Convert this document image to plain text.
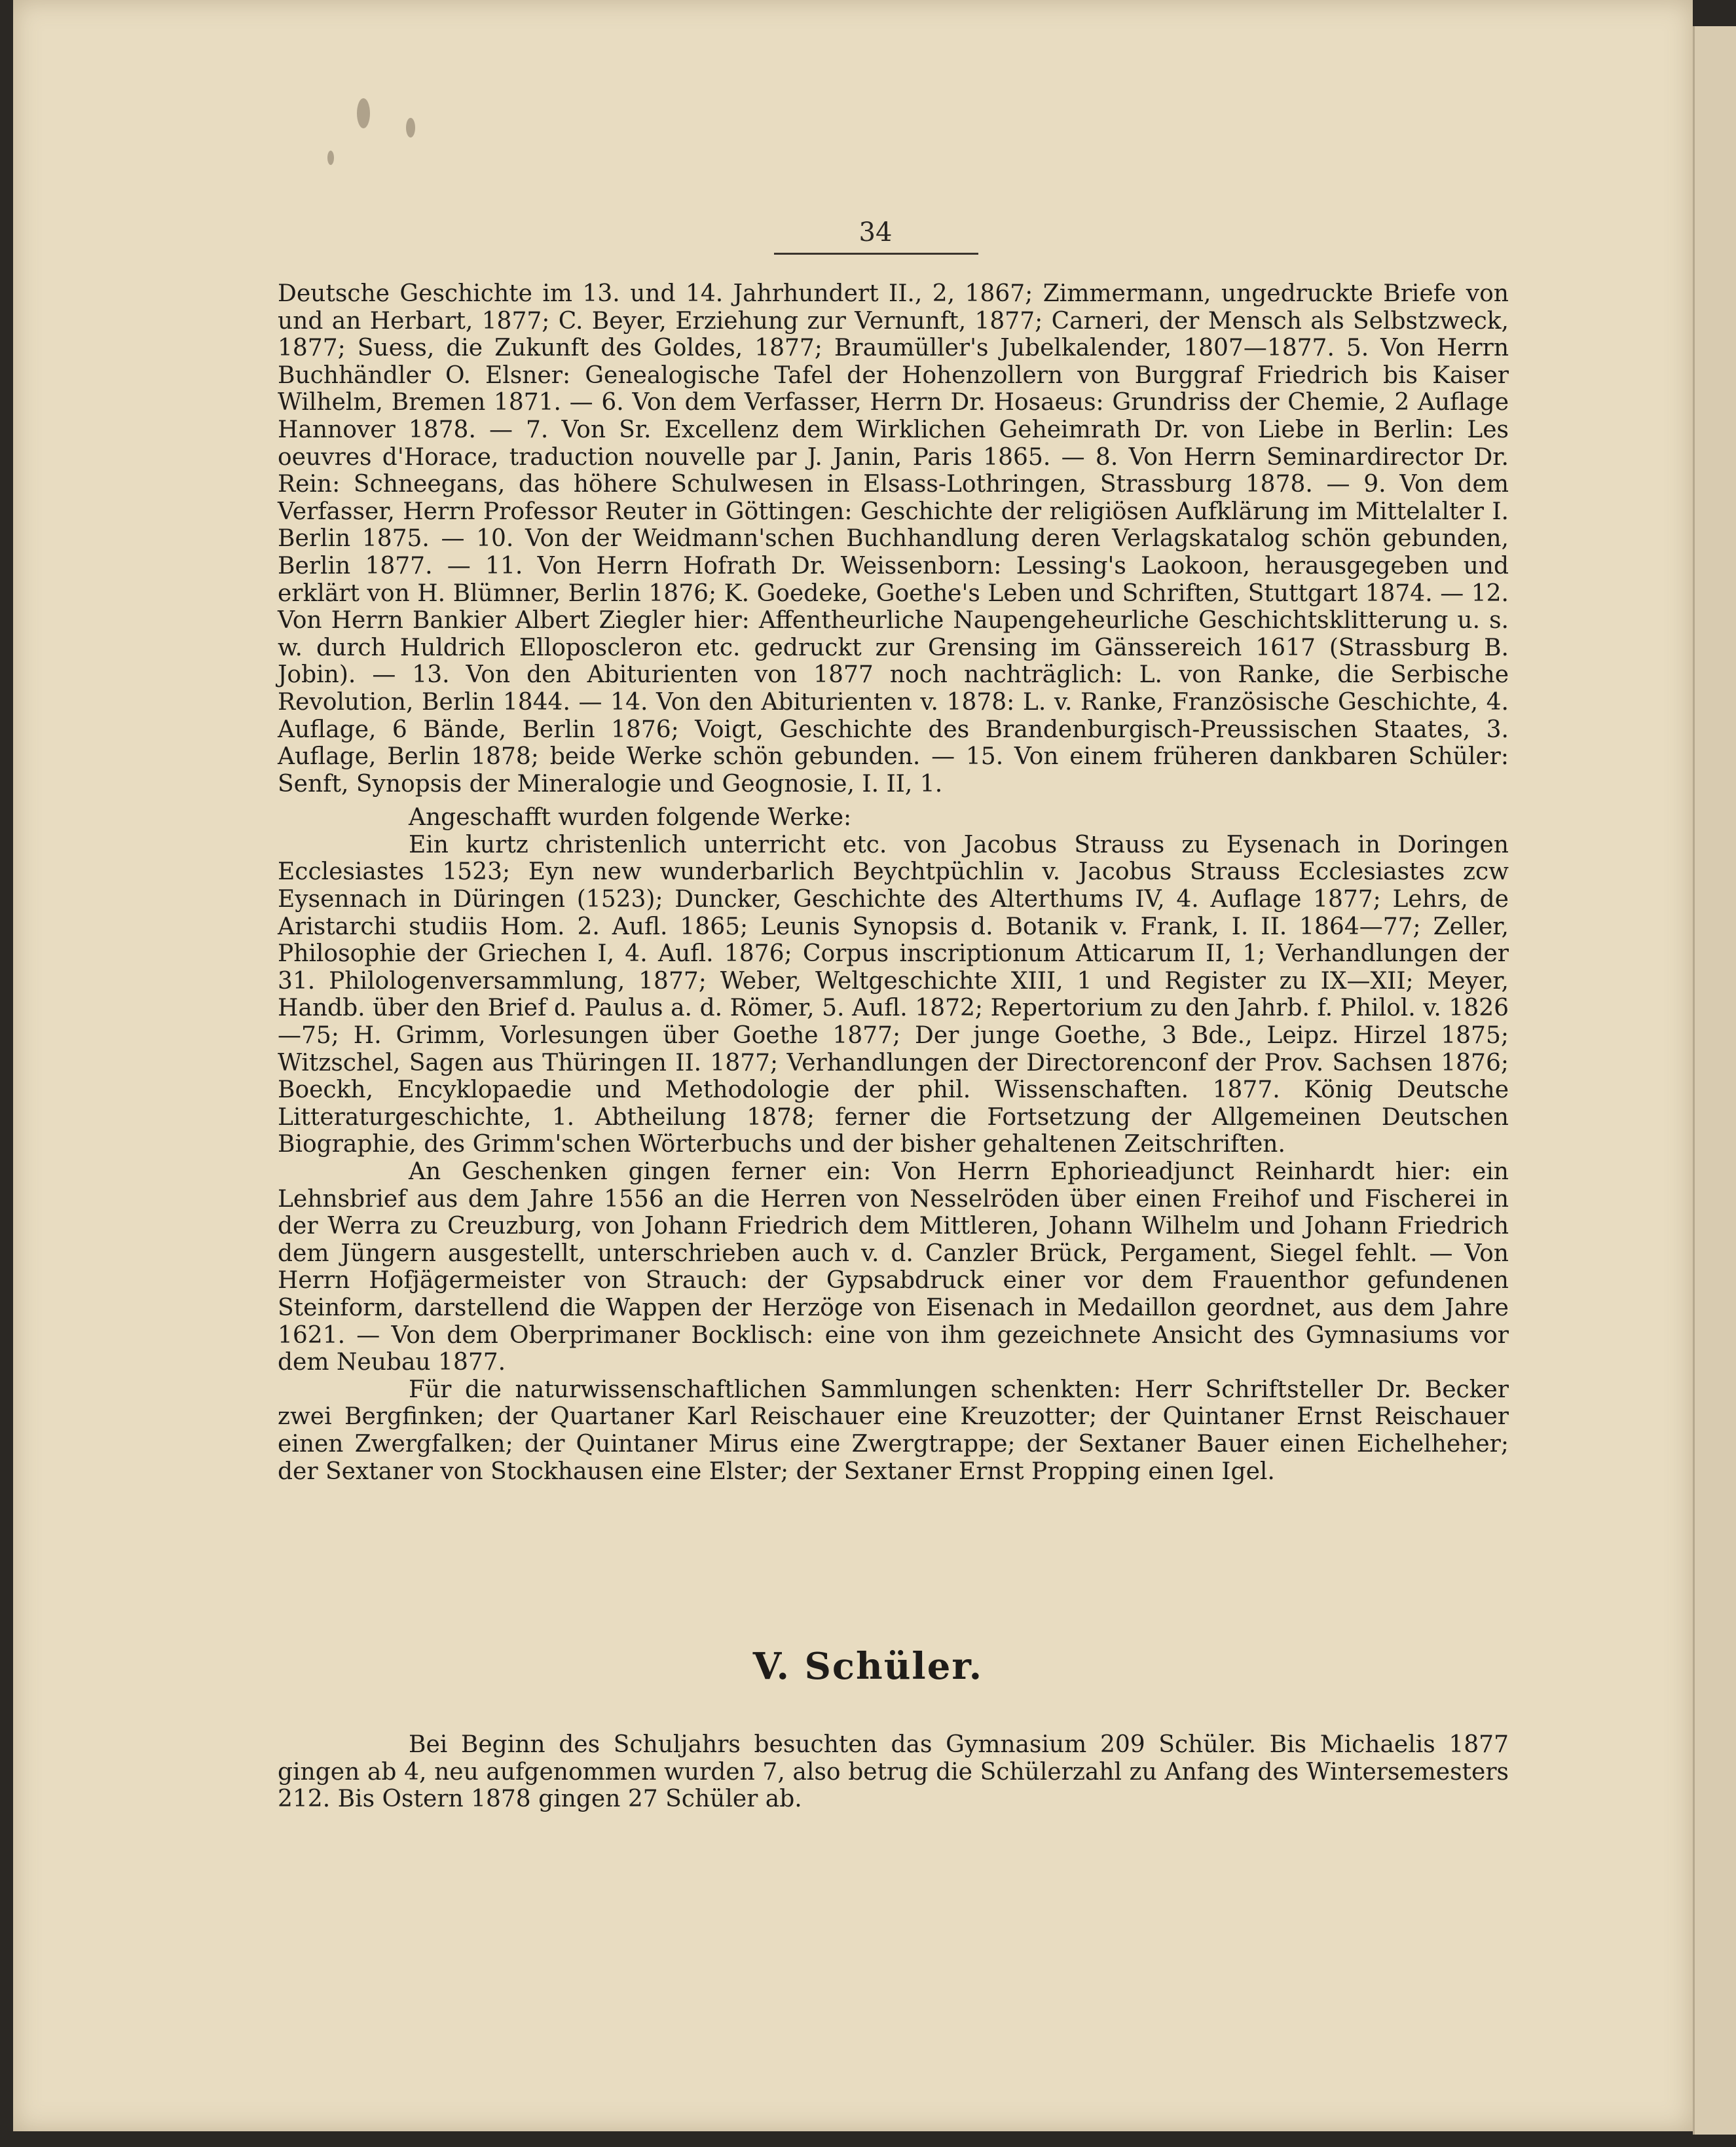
34

Deutsche Geschichte im 13. und 14. Jahrhundert II., 2, 1867; Zimmermann, ungedruckte Briefe von und an Herbart, 1877; C. Beyer, Erziehung zur Vernunft, 1877; Carneri, der Mensch als Selbstzweck, 1877; Suess, die Zukunft des Goldes, 1877; Braumüller's Jubelkalender, 1807—1877. 5. Von Herrn Buchhändler O. Elsner: Genealogische Tafel der Hohenzollern von Burggraf Friedrich bis Kaiser Wilhelm, Bremen 1871. — 6. Von dem Verfasser, Herrn Dr. Hosaeus: Grundriss der Chemie, 2 Auflage Hannover 1878. — 7. Von Sr. Excellenz dem Wirklichen Geheimrath Dr. von Liebe in Berlin: Les oeuvres d'Horace, traduction nouvelle par J. Janin, Paris 1865. — 8. Von Herrn Seminardirector Dr. Rein: Schneegans, das höhere Schulwesen in Elsass-Lothringen, Strassburg 1878. — 9. Von dem Verfasser, Herrn Professor Reuter in Göttingen: Geschichte der religiösen Aufklärung im Mittelalter I. Berlin 1875. — 10. Von der Weidmann'schen Buchhandlung deren Verlagskatalog schön gebunden, Berlin 1877. — 11. Von Herrn Hofrath Dr. Weissenborn: Lessing's Laokoon, herausgegeben und erklärt von H. Blümner, Berlin 1876; K. Goedeke, Goethe's Leben und Schriften, Stuttgart 1874. — 12. Von Herrn Bankier Albert Ziegler hier: Affentheurliche Naupengeheurliche Geschichtsklitterung u. s. w. durch Huldrich Elloposcleron etc. gedruckt zur Grensing im Gänssereich 1617 (Strassburg B. Jobin). — 13. Von den Abiturienten von 1877 noch nachträglich: L. von Ranke, die Serbische Revolution, Berlin 1844. — 14. Von den Abiturienten v. 1878: L. v. Ranke, Französische Geschichte, 4. Auflage, 6 Bände, Berlin 1876; Voigt, Geschichte des Brandenburgisch-Preussischen Staates, 3. Auflage, Berlin 1878; beide Werke schön gebunden. — 15. Von einem früheren dankbaren Schüler: Senft, Synopsis der Mineralogie und Geognosie, I. II, 1.

Angeschafft wurden folgende Werke:

Ein kurtz christenlich unterricht etc. von Jacobus Strauss zu Eysenach in Doringen Ecclesiastes 1523; Eyn new wunderbarlich Beychtpüchlin v. Jacobus Strauss Ecclesiastes zcw Eysennach in Düringen (1523); Duncker, Geschichte des Alterthums IV, 4. Auflage 1877; Lehrs, de Aristarchi studiis Hom. 2. Aufl. 1865; Leunis Synopsis d. Botanik v. Frank, I. II. 1864—77; Zeller, Philosophie der Griechen I, 4. Aufl. 1876; Corpus inscriptionum Atticarum II, 1; Verhandlungen der 31. Philologenversammlung, 1877; Weber, Weltgeschichte XIII, 1 und Register zu IX—XII; Meyer, Handb. über den Brief d. Paulus a. d. Römer, 5. Aufl. 1872; Repertorium zu den Jahrb. f. Philol. v. 1826—75; H. Grimm, Vorlesungen über Goethe 1877; Der junge Goethe, 3 Bde., Leipz. Hirzel 1875; Witzschel, Sagen aus Thüringen II. 1877; Verhandlungen der Directorenconf der Prov. Sachsen 1876; Boeckh, Encyklopaedie und Methodologie der phil. Wissenschaften. 1877. König Deutsche Litteraturgeschichte, 1. Abtheilung 1878; ferner die Fortsetzung der Allgemeinen Deutschen Biographie, des Grimm'schen Wörterbuchs und der bisher gehaltenen Zeitschriften.

An Geschenken gingen ferner ein: Von Herrn Ephorieadjunct Reinhardt hier: ein Lehnsbrief aus dem Jahre 1556 an die Herren von Nesselröden über einen Freihof und Fischerei in der Werra zu Creuzburg, von Johann Friedrich dem Mittleren, Johann Wilhelm und Johann Friedrich dem Jüngern ausgestellt, unterschrieben auch v. d. Canzler Brück, Pergament, Siegel fehlt. — Von Herrn Hofjägermeister von Strauch: der Gypsabdruck einer vor dem Frauenthor gefundenen Steinform, darstellend die Wappen der Herzöge von Eisenach in Medaillon geordnet, aus dem Jahre 1621. — Von dem Oberprimaner Bocklisch: eine von ihm gezeichnete Ansicht des Gymnasiums vor dem Neubau 1877.

Für die naturwissenschaftlichen Sammlungen schenkten: Herr Schriftsteller Dr. Becker zwei Bergfinken; der Quartaner Karl Reischauer eine Kreuzotter; der Quintaner Ernst Reischauer einen Zwergfalken; der Quintaner Mirus eine Zwergtrappe; der Sextaner Bauer einen Eichelheher; der Sextaner von Stockhausen eine Elster; der Sextaner Ernst Propping einen Igel.

V. Schüler.

Bei Beginn des Schuljahrs besuchten das Gymnasium 209 Schüler. Bis Michaelis 1877 gingen ab 4, neu aufgenommen wurden 7, also betrug die Schülerzahl zu Anfang des Wintersemesters 212. Bis Ostern 1878 gingen 27 Schüler ab.
